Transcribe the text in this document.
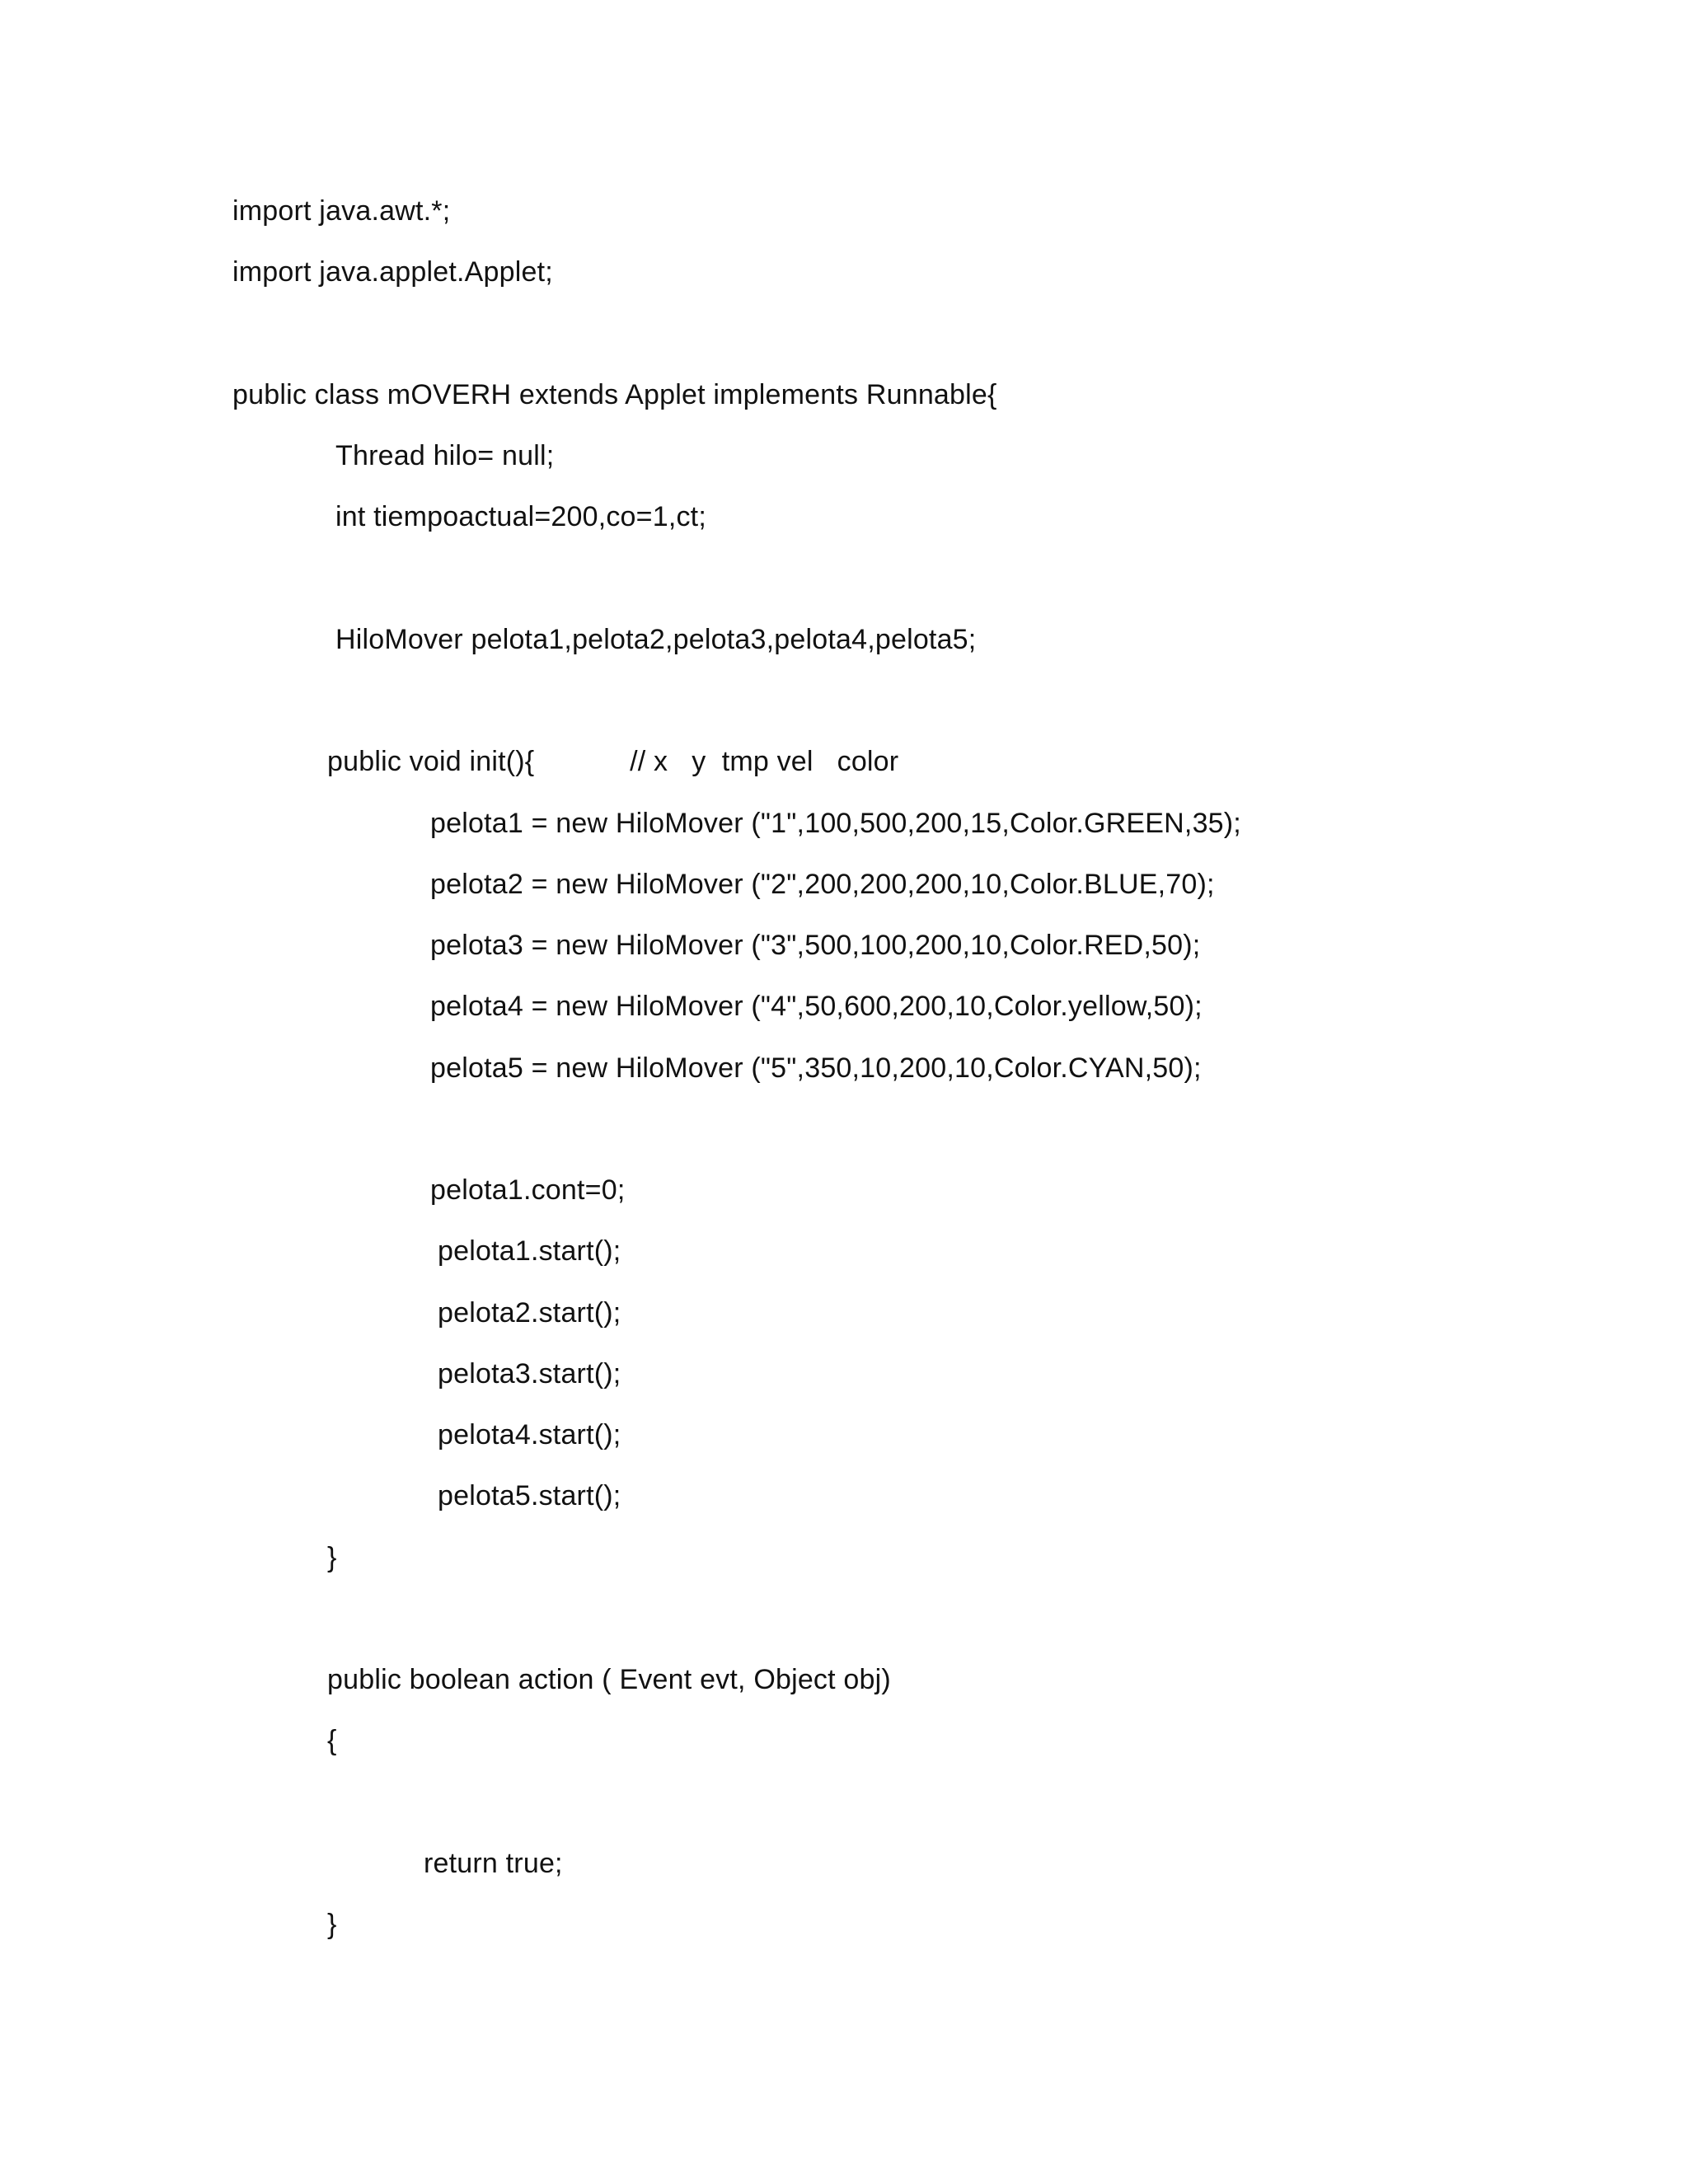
import java.awt.*;
import java.applet.Applet;
public class mOVERH extends Applet implements Runnable{
Thread hilo= null;
int tiempoactual=200,co=1,ct;
HiloMover pelota1,pelota2,pelota3,pelota4,pelota5;
public void init(){            // x   y  tmp vel   color
pelota1 = new HiloMover ("1",100,500,200,15,Color.GREEN,35);
pelota2 = new HiloMover ("2",200,200,200,10,Color.BLUE,70);
pelota3 = new HiloMover ("3",500,100,200,10,Color.RED,50);
pelota4 = new HiloMover ("4",50,600,200,10,Color.yellow,50);
pelota5 = new HiloMover ("5",350,10,200,10,Color.CYAN,50);
pelota1.cont=0;
pelota1.start();
pelota2.start();
pelota3.start();
pelota4.start();
pelota5.start();
}
public boolean action ( Event evt, Object obj)
{
return true;
}
